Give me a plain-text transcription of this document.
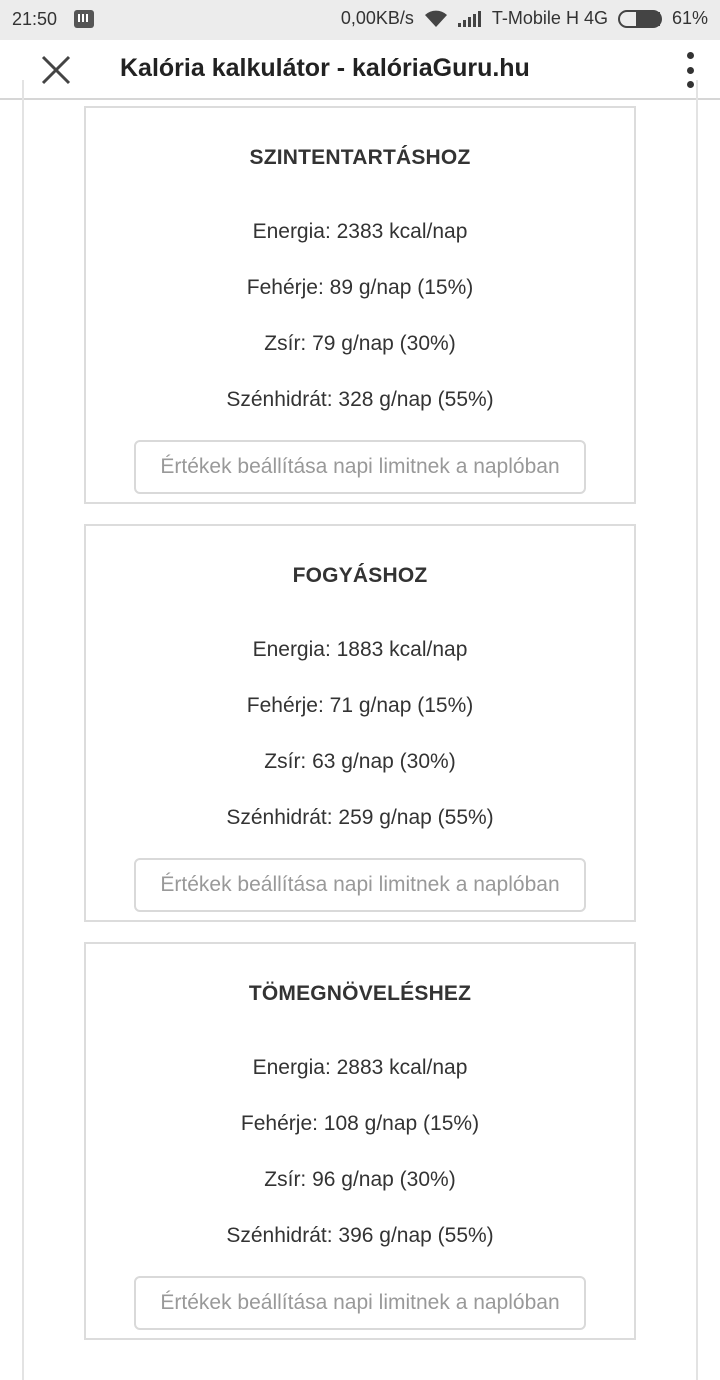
21:50	0,00KB/s	T-Mobile H 4G	61%
Kalória kalkulátor - kalóriaGuru.hu
SZINTENTARTÁSHOZ
Energia: 2383 kcal/nap
Fehérje: 89 g/nap (15%)
Zsír: 79 g/nap (30%)
Szénhidrát: 328 g/nap (55%)
Értékek beállítása napi limitnek a naplóban
FOGYÁSHOZ
Energia: 1883 kcal/nap
Fehérje: 71 g/nap (15%)
Zsír: 63 g/nap (30%)
Szénhidrát: 259 g/nap (55%)
Értékek beállítása napi limitnek a naplóban
TÖMEGNÖVELÉSHEZ
Energia: 2883 kcal/nap
Fehérje: 108 g/nap (15%)
Zsír: 96 g/nap (30%)
Szénhidrát: 396 g/nap (55%)
Értékek beállítása napi limitnek a naplóban
